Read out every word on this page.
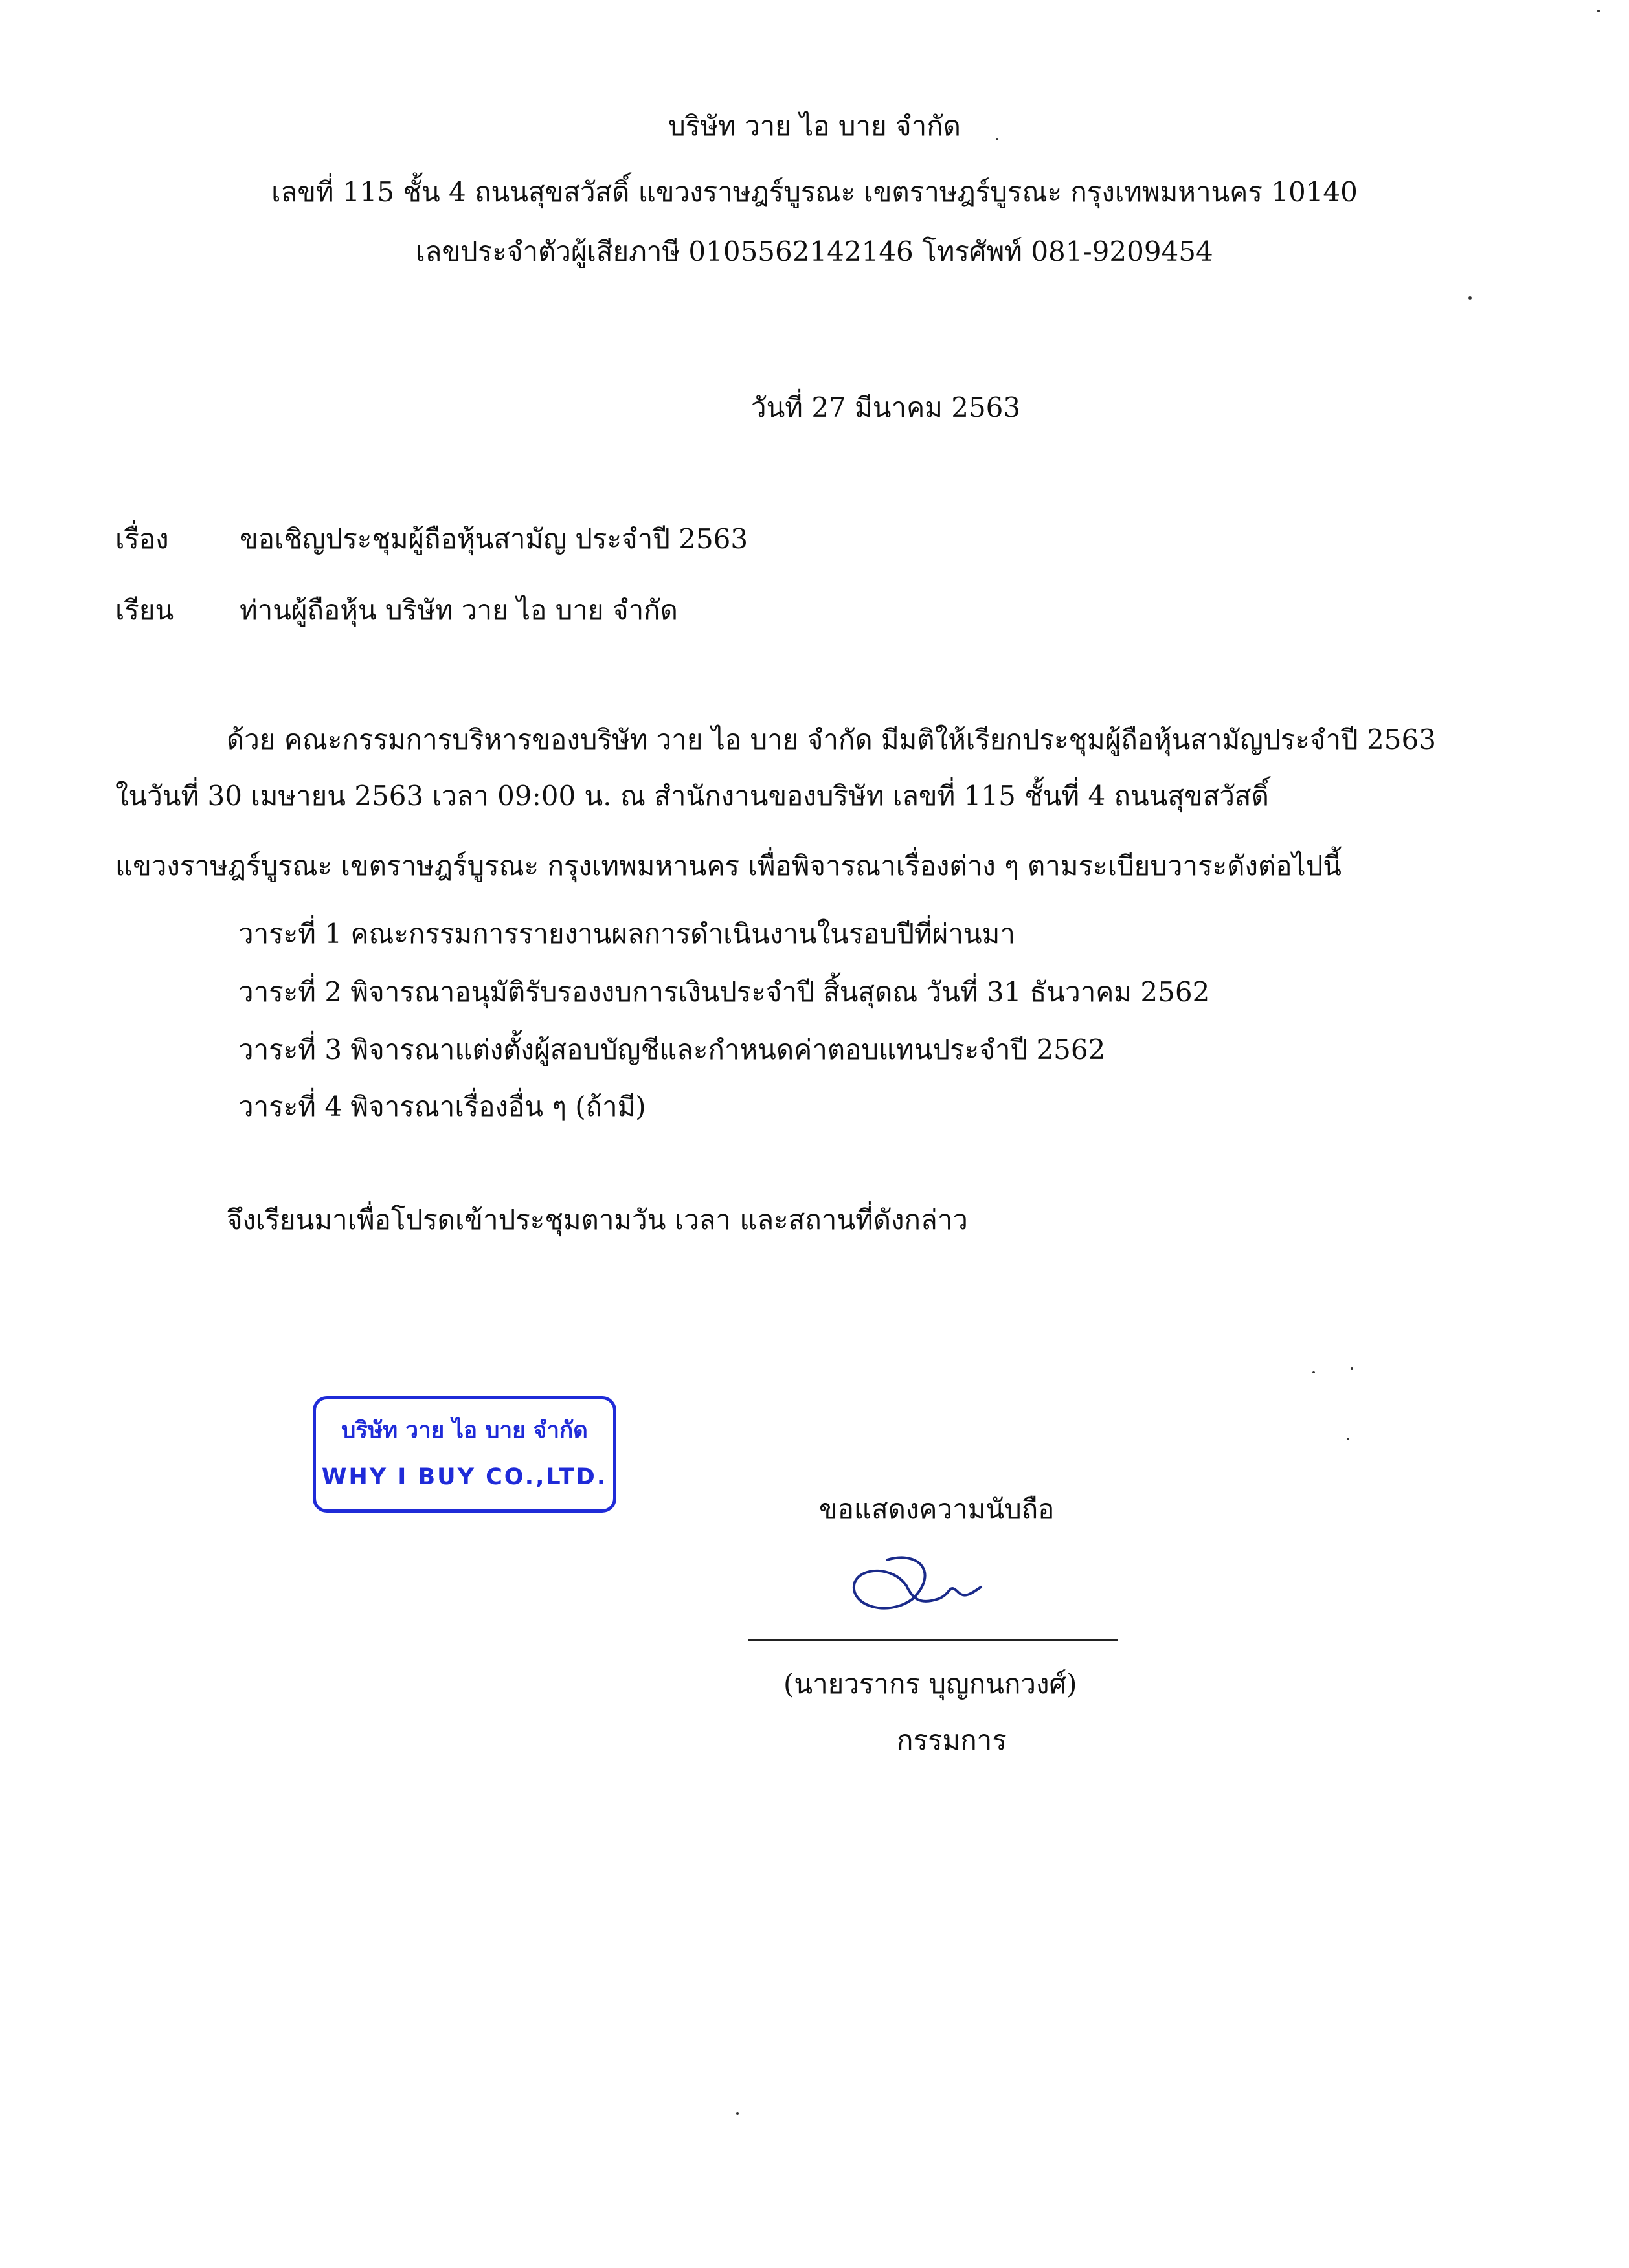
บริษัท วาย ไอ บาย จำกัด
เลขที่ 115 ชั้น 4 ถนนสุขสวัสดิ์ แขวงราษฎร์บูรณะ เขตราษฎร์บูรณะ กรุงเทพมหานคร 10140
เลขประจำตัวผู้เสียภาษี 0105562142146 โทรศัพท์ 081-9209454
วันที่ 27 มีนาคม 2563
เรื่อง	ขอเชิญประชุมผู้ถือหุ้นสามัญ ประจำปี 2563
เรียน ท่านผู้ถือหุ้น บริษัท วาย ไอ บาย จำกัด
ด้วย คณะกรรมการบริหารของบริษัท วาย ไอ บาย จำกัด มีมติให้เรียกประชุมผู้ถือหุ้นสามัญประจำปี 2563
ในวันที่ 30 เมษายน 2563 เวลา 09:00 น. ณ สำนักงานของบริษัท เลขที่ 115 ชั้นที่ 4 ถนนสุขสวัสดิ์
แขวงราษฎร์บูรณะ เขตราษฎร์บูรณะ กรุงเทพมหานคร เพื่อพิจารณาเรื่องต่าง ๆ ตามระเบียบวาระดังต่อไปนี้
วาระที่ 1 คณะกรรมการรายงานผลการดำเนินงานในรอบปีที่ผ่านมา
วาระที่ 2 พิจารณาอนุมัติรับรองงบการเงินประจำปี สิ้นสุดณ วันที่ 31 ธันวาคม 2562
วาระที่ 3 พิจารณาแต่งตั้งผู้สอบบัญชีและกำหนดค่าตอบแทนประจำปี 2562
วาระที่ 4 พิจารณาเรื่องอื่น ๆ (ถ้ามี)
จึงเรียนมาเพื่อโปรดเข้าประชุมตามวัน เวลา และสถานที่ดังกล่าว
บริษัท วาย ไอ บาย จำกัด
WHY I BUY CO.,LTD.
ขอแสดงความนับถือ
(นายวรากร บุญกนกวงศ์)
กรรมการ
